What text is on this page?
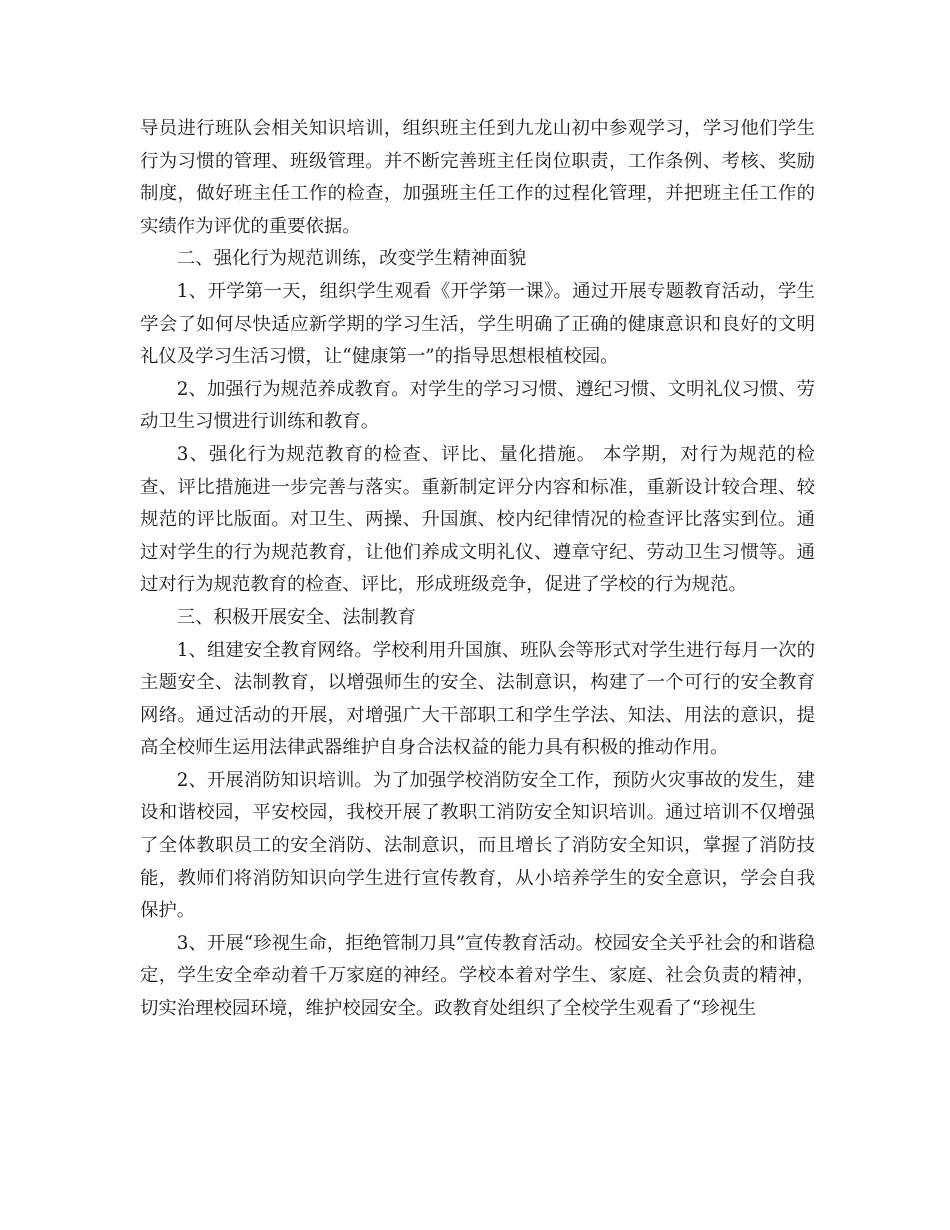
导员进行班队会相关知识培训，组织班主任到九龙山初中参观学习，学习他们学生行为习惯的管理、班级管理。并不断完善班主任岗位职责，工作条例、考核、奖励制度，做好班主任工作的检查，加强班主任工作的过程化管理，并把班主任工作的实绩作为评优的重要依据。

二、强化行为规范训练，改变学生精神面貌

1、开学第一天，组织学生观看《开学第一课》。通过开展专题教育活动，学生学会了如何尽快适应新学期的学习生活，学生明确了正确的健康意识和良好的文明礼仪及学习生活习惯，让“健康第一”的指导思想根植校园。

2、加强行为规范养成教育。对学生的学习习惯、遵纪习惯、文明礼仪习惯、劳动卫生习惯进行训练和教育。

3、强化行为规范教育的检查、评比、量化措施。 本学期，对行为规范的检查、评比措施进一步完善与落实。重新制定评分内容和标准，重新设计较合理、较规范的评比版面。对卫生、两操、升国旗、校内纪律情况的检查评比落实到位。通过对学生的行为规范教育，让他们养成文明礼仪、遵章守纪、劳动卫生习惯等。通过对行为规范教育的检查、评比，形成班级竞争，促进了学校的行为规范。

三、积极开展安全、法制教育

1、组建安全教育网络。学校利用升国旗、班队会等形式对学生进行每月一次的主题安全、法制教育，以增强师生的安全、法制意识，构建了一个可行的安全教育网络。通过活动的开展，对增强广大干部职工和学生学法、知法、用法的意识，提高全校师生运用法律武器维护自身合法权益的能力具有积极的推动作用。

2、开展消防知识培训。为了加强学校消防安全工作，预防火灾事故的发生，建设和谐校园，平安校园，我校开展了教职工消防安全知识培训。通过培训不仅增强了全体教职员工的安全消防、法制意识，而且增长了消防安全知识，掌握了消防技能，教师们将消防知识向学生进行宣传教育，从小培养学生的安全意识，学会自我保护。

3、开展“珍视生命，拒绝管制刀具”宣传教育活动。校园安全关乎社会的和谐稳定，学生安全牵动着千万家庭的神经。学校本着对学生、家庭、社会负责的精神，切实治理校园环境，维护校园安全。政教育处组织了全校学生观看了“珍视生
